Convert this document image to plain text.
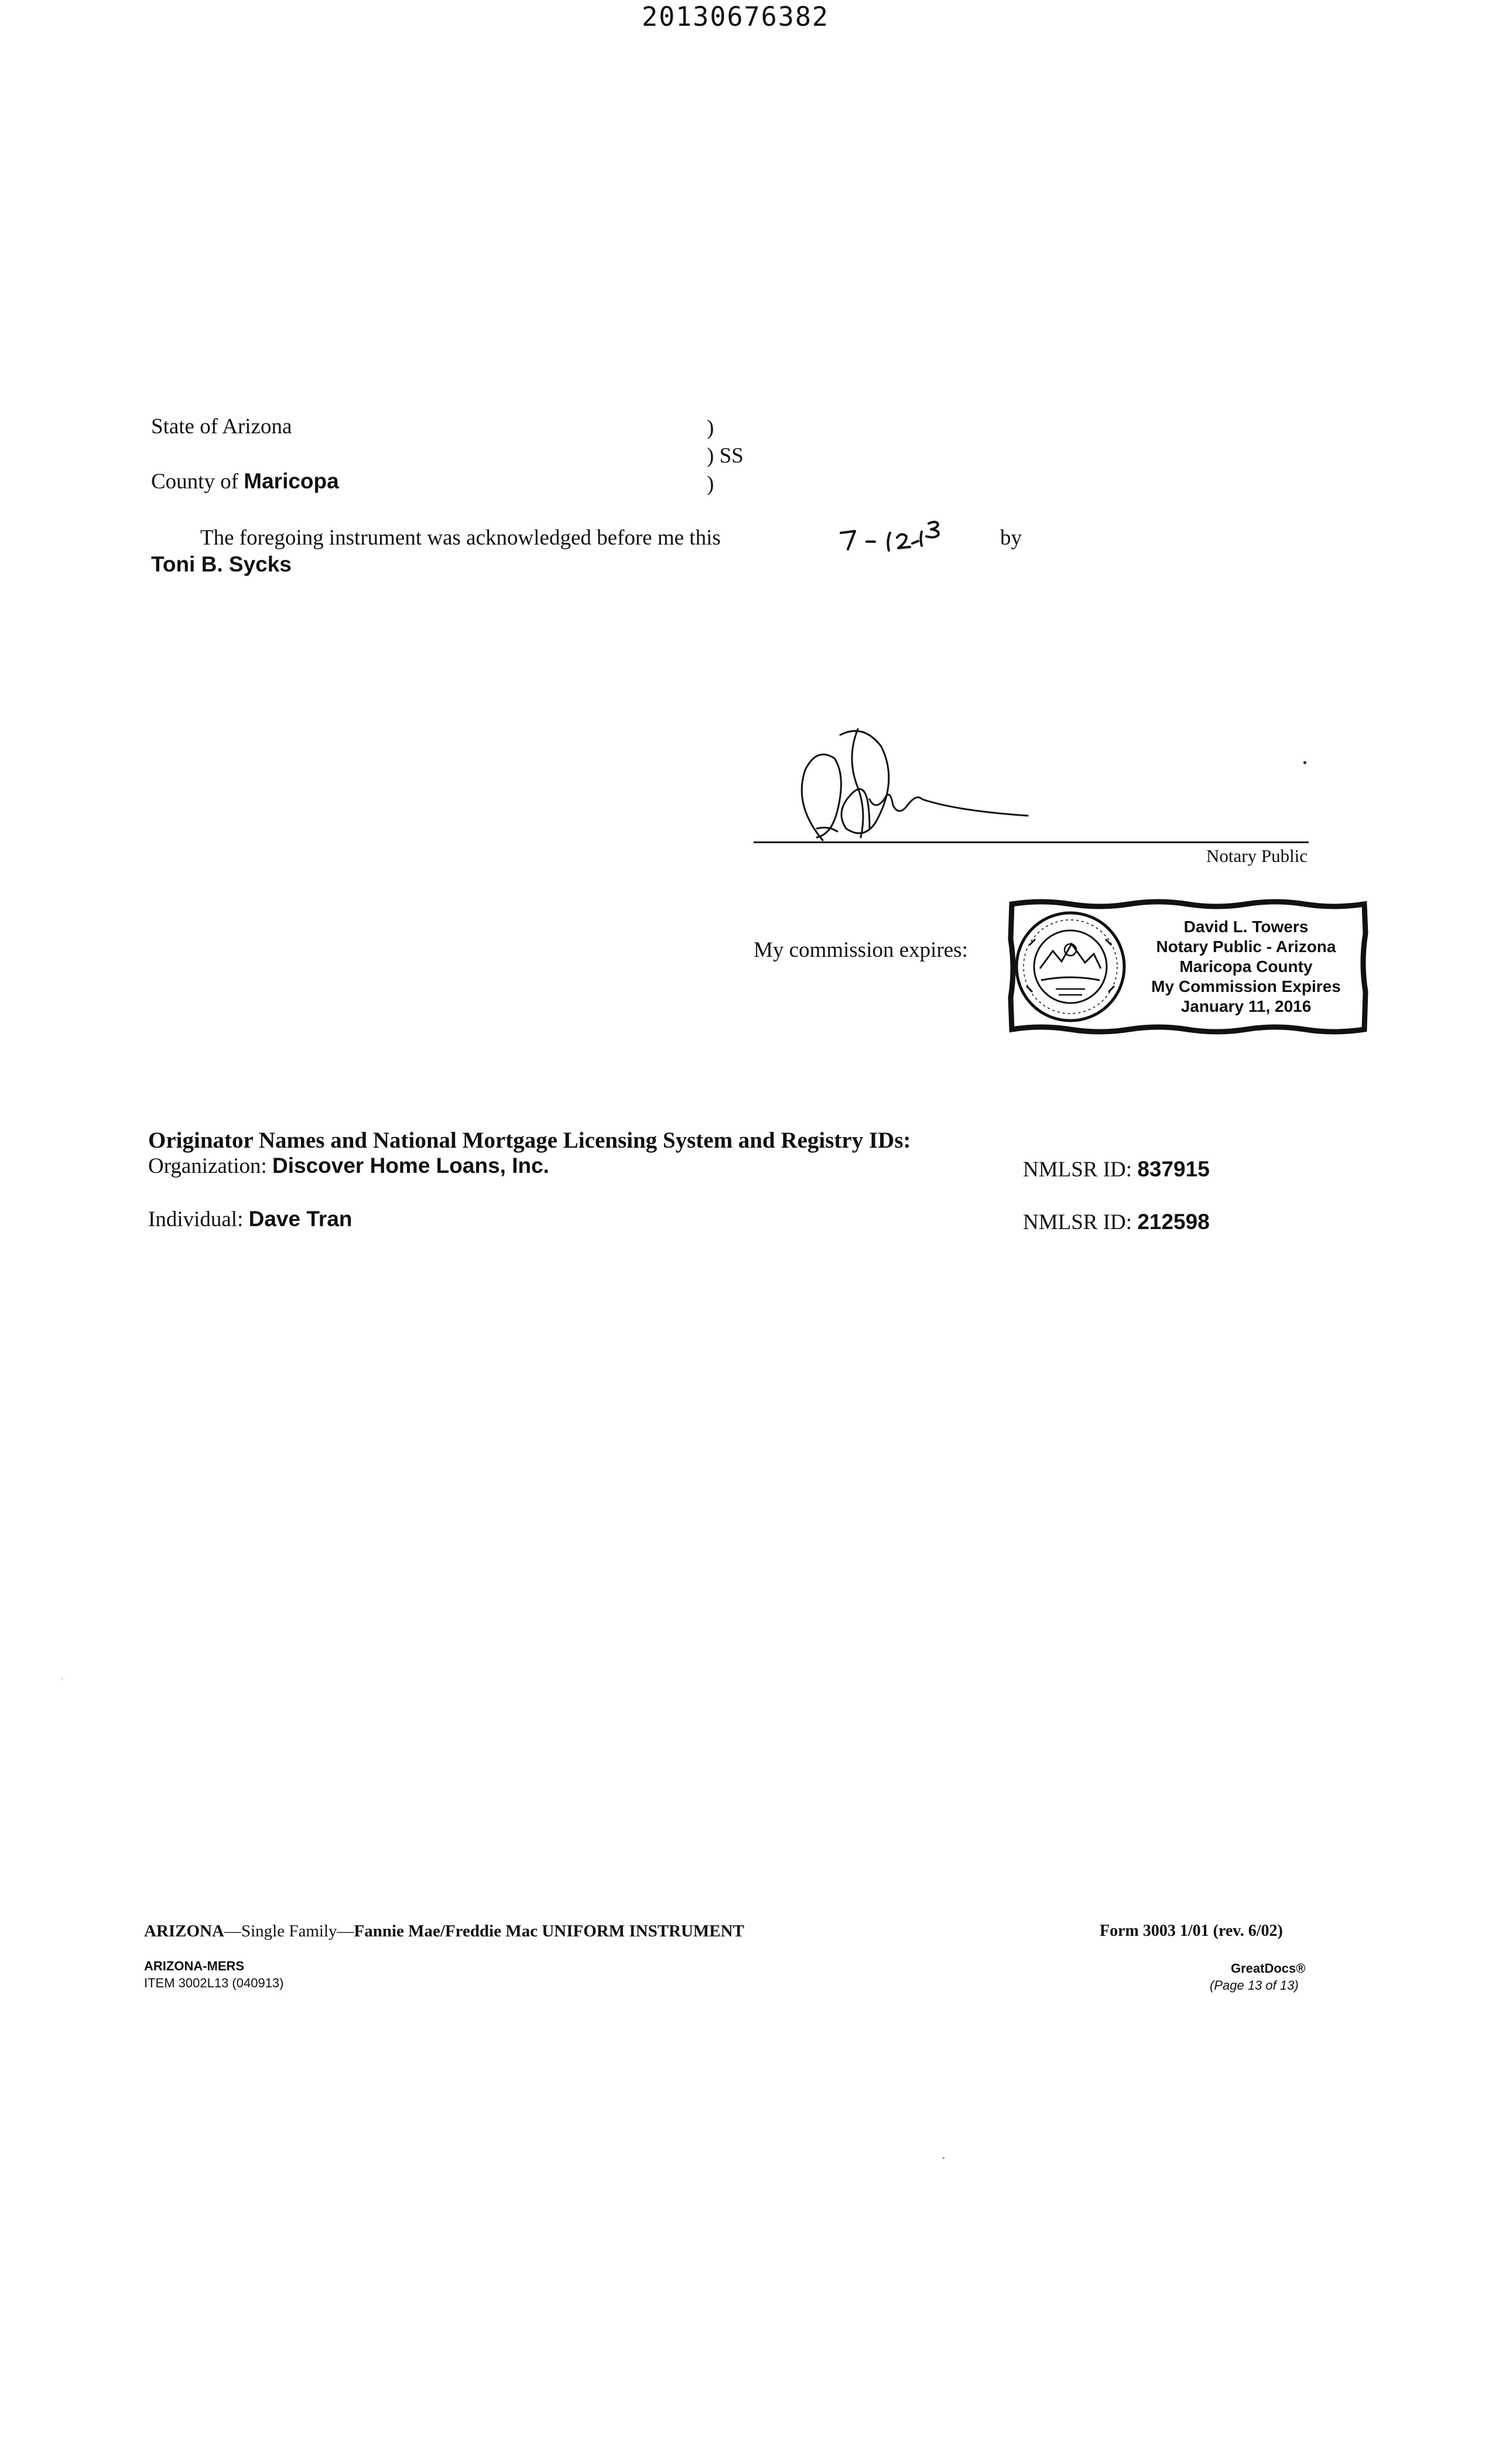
20130676382
State of Arizona
County of Maricopa
)
) SS
)
The foregoing instrument was acknowledged before me this	by
Toni B. Sycks
Notary Public
My commission expires:
David L. Towers
Notary Public - Arizona
Maricopa County
My Commission Expires
January 11, 2016
Originator Names and National Mortgage Licensing System and Registry IDs:
Organization: Discover Home Loans, Inc.	NMLSR ID: 837915
Individual: Dave Tran	NMLSR ID: 212598
ARIZONA—Single Family—Fannie Mae/Freddie Mac UNIFORM INSTRUMENT	Form 3003 1/01 (rev. 6/02)
ARIZONA-MERS
ITEM 3002L13 (040913)
GreatDocs®
(Page 13 of 13)
